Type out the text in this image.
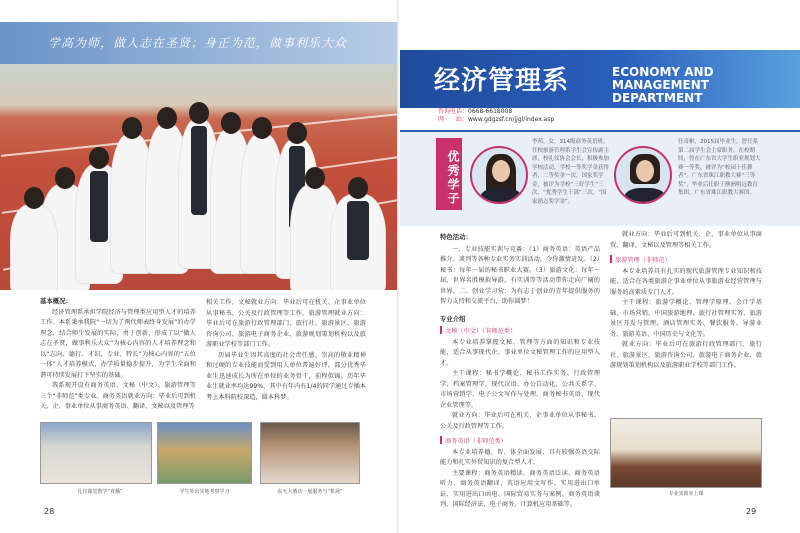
学高为师，做人志在圣贤；身正为范，做事利乐大众
基本概况：

经济管理系承担学院经济与管理类应用型人才的培养工作。本系秉承我院“一切为了两代师表终身发展”的办学理念，结合师生发展的实际，勇于创新，形成了以“做人志在圣贤，做事利乐大众”为核心内容的人才培养理念和以“志向、德行、才识、专业、特长”为核心内容的“五位一体”人才培养模式，办学质量稳步提升，为学生全面和谐可持续发展打下坚实的基础。

我系现开设有商务英语、文秘（中文）、旅游管理等三个“非师范”类专业。商务英语就业方向：毕业后可到机关、企、事业单位从事商务英语、翻译、文秘以及管理等

相关工作。文秘就业方向：毕业后可在机关、企事业单位从事秘书、公关及行政管理等工作。旅游管理就业方向：毕业后可在旅游行政管理部门、旅行社、旅游景区、旅游咨询公司、旅游电子商务企业、旅游规划策划机构以及旅游职业学校等部门工作。

历届毕业生因其高度的社会责任感、崇高的敬业精神和过硬的专业技能而受到用人单位普遍好评。部分优秀毕业生迅速成长为所在单位的业务骨干，前程似锦。历年毕业生就业率均达99%，其中有年内有1/4的同学通过专插本考上本科院校深造，圆本科梦。

礼仪课堂教学“直播”	学生外出实地考察学习	东天大酒店一展服务与“机场”
28
经济管理系	ECONOMY AND MANAGEMENT
DEPARTMENT
咨询电话：0668-6618008
网　　站：www.gdgzsf.cn/jjgl/index.asp
优秀学子
李茜，女，314级商务英语班。任校旅游管理系学生会宣传副主席，校礼仪协会会长，积极参加学校活动，学校一等奖学金获得者，二等奖金一次，国家奖学金，被评为学校“三好学生”三次，“优秀学生干部”三次，“国家励志奖学金”。
任奇彬，2015届毕业生，曾任系第二届学生会主席职务，在校期间，曾在广东省大学生职业规划大赛一等奖，被评为“校园十佳舞者”。广东省珠江职教大赛“三等奖”，毕业后任职于澳洲明远教育集团，广东省珠江职教大赛团。
特色活动：

一、专业技能实训与竞赛：（1）商务英语：英语产品推介、谈判等各种专业实务实训活动，令你激情迸发。（2）秘书：每年一届的秘书职业大赛。（3）旅游文化：每年一届，世界名胜模拟导游，有实训等等活动带你走向广阔的世界。二、创业学习营：为有志于创业的青年提供服务的智力支持和交流平台，助你圆梦！

专业介绍
文秘（中文）（非师范类）

本专业培养掌握文秘、管理等方面的知识和专业技能，适合从事现代企、事业单位文秘管理工作的应用型人才。

主干课程：秘书学概论、秘书工作实务、行政管理学、档案管理学、现代汉语、办公自动化、公共关系学、市场营销学、电子公文写作与处理、商务秘书英语、现代企业管理等。

就业方向：毕业后可在机关、企事业单位从事秘书、公关及行政管理等工作。

商务英语（非师范类）

本专业培养德、智、体全面发展，具有较强英语交际能力和扎实外贸知识的复合型人才。

主要课程：商务英语精读、商务英语泛读、商务英语听力、商务英语翻译、英语应用文写作、实用进出口单证、实用进出口函电、国际贸易实务与案例、商务英语谈判、国际经济法、电子商务、计算机应用基础等。

就业方向：毕业后可到机关、企、事业单位从事商贸、翻译、文秘以及管理等相关工作。

旅游管理（非师范）

本专业培养具有扎实的现代旅游管理专业知识和技能，适合在各类旅游企事业单位从事旅游业经营管理与服务的高素质专门人才。

主干课程：旅游学概论、管理学原理、会计学基础、市场营销、中国旅游地理、旅行社管理实务、旅游景区开发与管理、酒店管理实务、餐饮服务、导游业务、旅游英语、中国历史与文化等。

就业方向：毕业后可在旅游行政管理部门、旅行社、旅游景区、旅游咨询公司、旅游电子商务企业、旅游规划策划机构以及旅游职业学校等部门工作。

专业实训室上课
29
